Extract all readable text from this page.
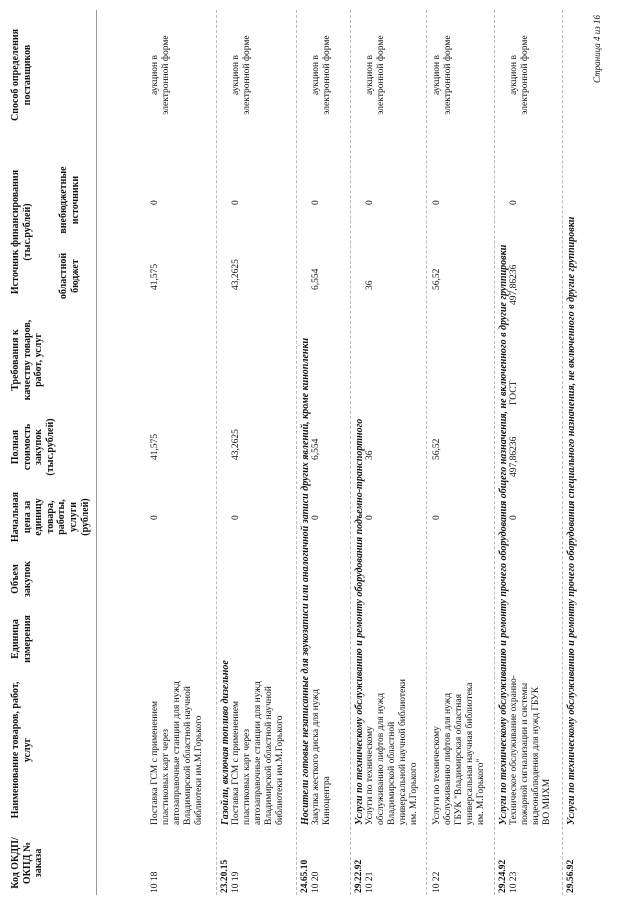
Код ОКДП/ ОКПД № заказа
Наименование товаров, работ, услуг
Единица измерения
Объем закупок
Начальная цена за единицу товара, работы, услуги (рублей)
Полная стоимость закупок (тыс.рублей)
Требования к качеству товаров, работ, услуг
Источник финансирования (тыс.рублей)
областной бюджет
внебюджетные источники
Способ определения поставщиков
10 18
Поставка ГСМ с применением пластиковых карт через автозаправочные станции для нужд Владимирской областной научной библиотеки им.М.Горького
0
41,575
41,575
0
аукцион в электронной форме
23.20.15
Газойли, включая топливо дизельное
10 19
Поставка ГСМ с применением пластиковых карт через автозаправочные станции для нужд Владимирской областной научной библиотеки им.М.Горького
0
43,2625
43,2625
0
аукцион в электронной форме
24.65.10
Носители готовые незаписанные для звукозаписи или аналогичной записи других явлений, кроме кинопленки
10 20
Закупка жесткого диска для нужд Киноцентра
0
6,554
6,554
0
аукцион в электронной форме
29.22.92
Услуги по техническому обслуживанию и ремонту оборудования подъемно-транспортного
10 21
Услуги по техническому обслуживанию лифтов для нужд Владимирской областной универсальной научной библиотеки им. М.Горького
0
36
36
0
аукцион в электронной форме
10 22
Услуги по техническому обслуживанию лифтов для нужд ГБУК "Владимирская областная универсальная научная библиотека им. М.Горького"
0
56,52
56,52
0
аукцион в электронной форме
29.24.92
Услуги по техническому обслуживанию и ремонту прочего оборудования общего назначения, не включенного в другие группировки
10 23
Техническое обслуживание охранно-пожарной сигнализации и системы видеонаблюдения для нужд ГБУК ВО МИХМ
0
497,86236
ГОСТ
497,86236
0
аукцион в электронной форме
29.56.92
Услуги по техническому обслуживанию и ремонту прочего оборудования специального назначения, не включенного в другие группировки
Страница 4 из 16
